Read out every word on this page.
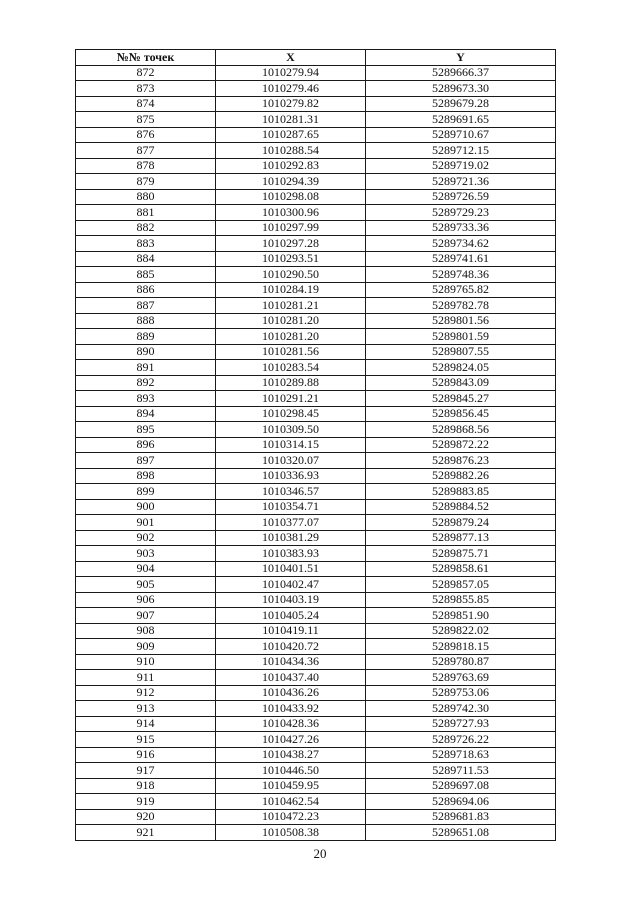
№№ точек	X	Y
872	1010279.94	5289666.37
873	1010279.46	5289673.30
874	1010279.82	5289679.28
875	1010281.31	5289691.65
876	1010287.65	5289710.67
877	1010288.54	5289712.15
878	1010292.83	5289719.02
879	1010294.39	5289721.36
880	1010298.08	5289726.59
881	1010300.96	5289729.23
882	1010297.99	5289733.36
883	1010297.28	5289734.62
884	1010293.51	5289741.61
885	1010290.50	5289748.36
886	1010284.19	5289765.82
887	1010281.21	5289782.78
888	1010281.20	5289801.56
889	1010281.20	5289801.59
890	1010281.56	5289807.55
891	1010283.54	5289824.05
892	1010289.88	5289843.09
893	1010291.21	5289845.27
894	1010298.45	5289856.45
895	1010309.50	5289868.56
896	1010314.15	5289872.22
897	1010320.07	5289876.23
898	1010336.93	5289882.26
899	1010346.57	5289883.85
900	1010354.71	5289884.52
901	1010377.07	5289879.24
902	1010381.29	5289877.13
903	1010383.93	5289875.71
904	1010401.51	5289858.61
905	1010402.47	5289857.05
906	1010403.19	5289855.85
907	1010405.24	5289851.90
908	1010419.11	5289822.02
909	1010420.72	5289818.15
910	1010434.36	5289780.87
911	1010437.40	5289763.69
912	1010436.26	5289753.06
913	1010433.92	5289742.30
914	1010428.36	5289727.93
915	1010427.26	5289726.22
916	1010438.27	5289718.63
917	1010446.50	5289711.53
918	1010459.95	5289697.08
919	1010462.54	5289694.06
920	1010472.23	5289681.83
921	1010508.38	5289651.08
20
